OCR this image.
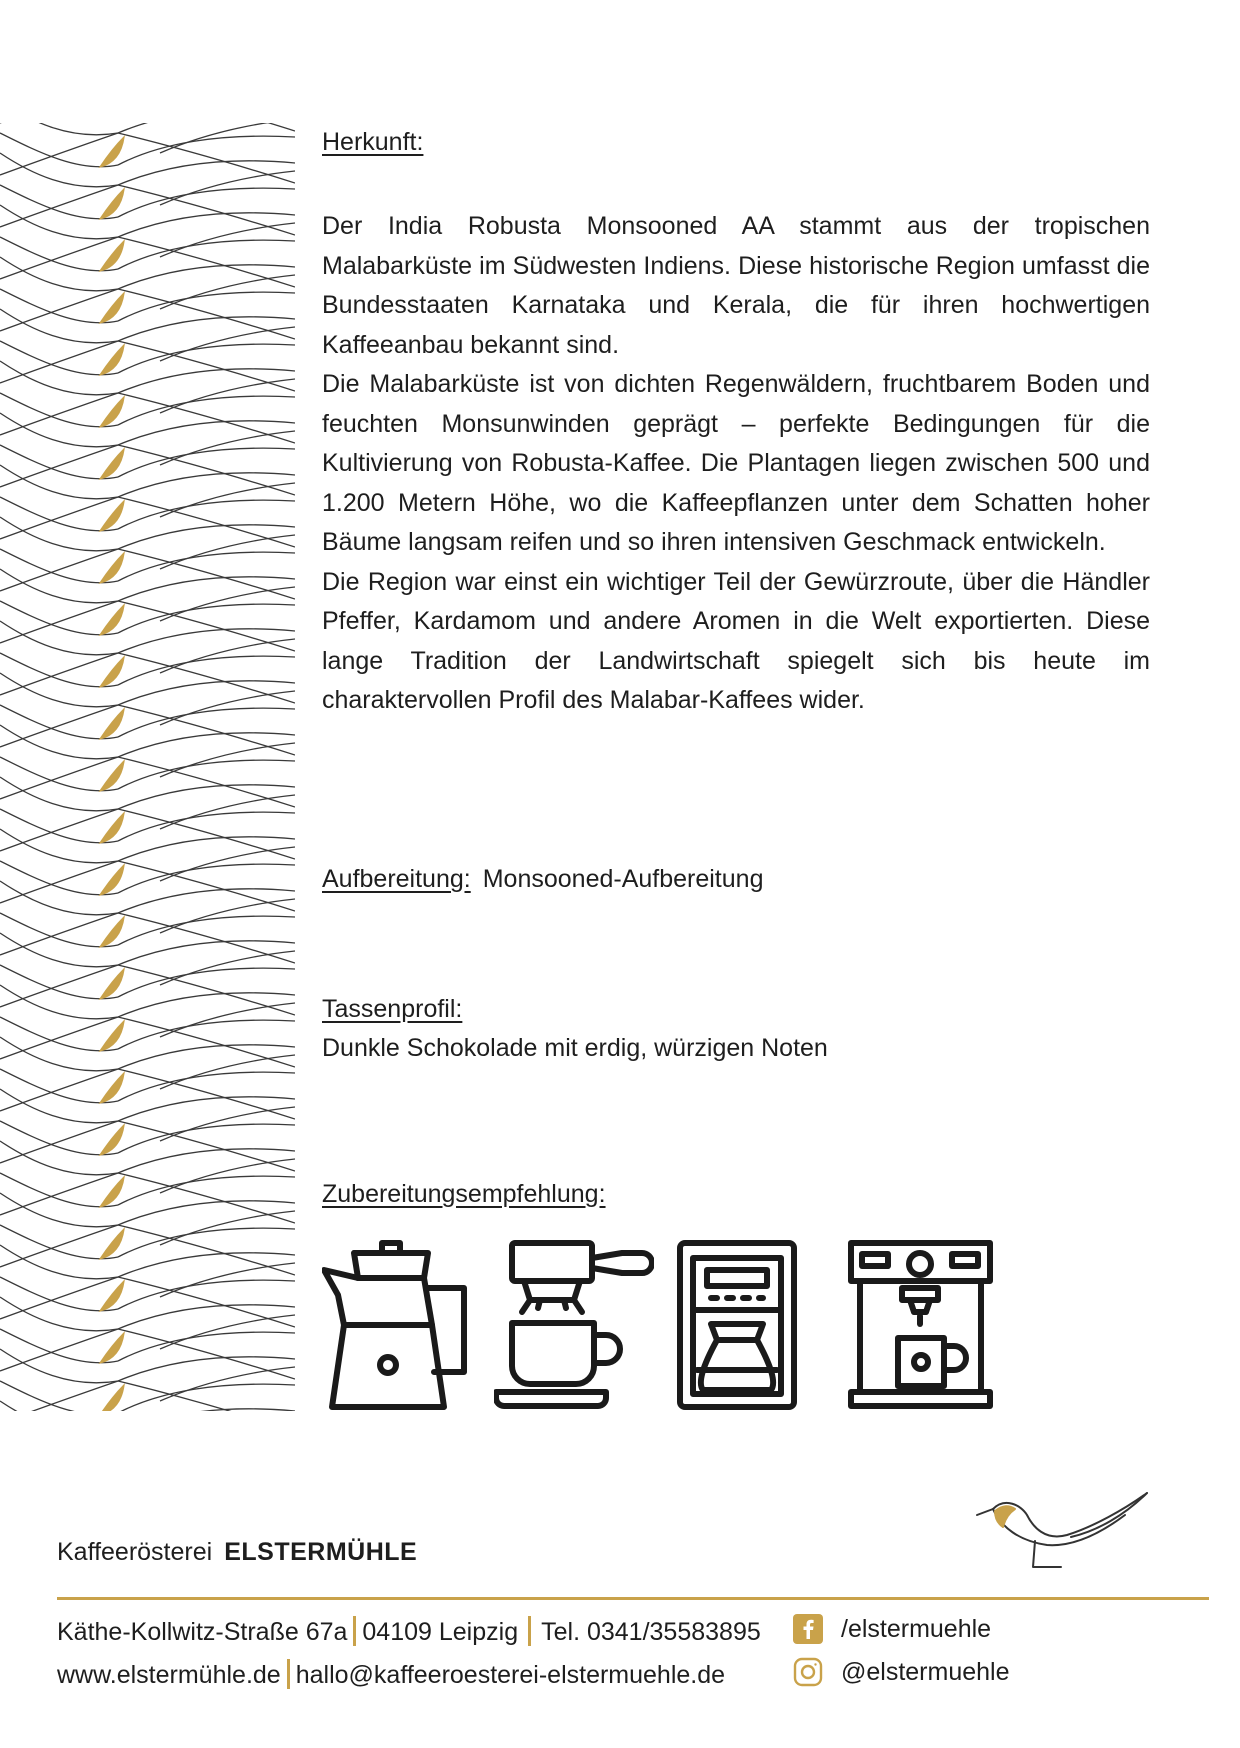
Herkunft:

Der India Robusta Monsooned AA stammt aus der tropischen Malabarküste im Südwesten Indiens. Diese historische Region umfasst die Bundesstaaten Karnataka und Kerala, die für ihren hochwertigen Kaffeeanbau bekannt sind.

Die Malabarküste ist von dichten Regenwäldern, fruchtbarem Boden und feuchten Monsunwinden geprägt – perfekte Bedingungen für die Kultivierung von Robusta-Kaffee. Die Plantagen liegen zwischen 500 und 1.200 Metern Höhe, wo die Kaffeepflanzen unter dem Schatten hoher Bäume langsam reifen und so ihren intensiven Geschmack entwickeln.

Die Region war einst ein wichtiger Teil der Gewürzroute, über die Händler Pfeffer, Kardamom und andere Aromen in die Welt exportierten. Diese lange Tradition der Landwirtschaft spiegelt sich bis heute im charaktervollen Profil des Malabar-Kaffees wider.

Aufbereitung: Monsooned-Aufbereitung
Tassenprofil:
Dunkle Schokolade mit erdig, würzigen Noten
Zubereitungsempfehlung:
Kaffeerösterei ELSTERMÜHLE
Käthe-Kollwitz-Straße 67a 04109 Leipzig Tel. 0341/35583895
www.elstermühle.de hallo@kaffeeroesterei-elstermuehle.de
/elstermuehle
@elstermuehle
